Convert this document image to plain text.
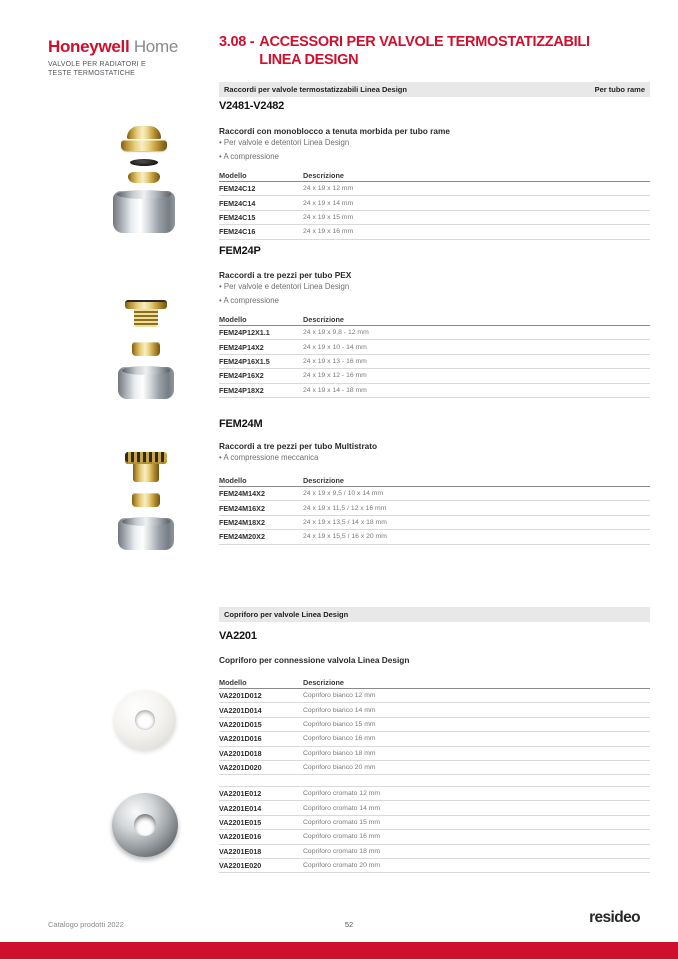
Honeywell Home
VALVOLE PER RADIATORI E
TESTE TERMOSTATICHE
3.08 - ACCESSORI PER VALVOLE TERMOSTATIZZABILI
LINEA DESIGN
Raccordi per valvole termostatizzabili Linea Design	Per tubo rame
V2481-V2482
Raccordi con monoblocco a tenuta morbida per tubo rame
• Per valvole e detentori Linea Design
• A compressione
Modello	Descrizione
FEM24C12	24 x 19 x 12 mm
FEM24C14	24 x 19 x 14 mm
FEM24C15	24 x 19 x 15 mm
FEM24C16	24 x 19 x 16 mm
FEM24P
Raccordi a tre pezzi per tubo PEX
• Per valvole e detentori Linea Design
• A compressione
Modello	Descrizione
FEM24P12X1.1	24 x 19 x 9,8 - 12 mm
FEM24P14X2	24 x 19 x 10 - 14 mm
FEM24P16X1.5	24 x 19 x 13 - 16 mm
FEM24P16X2	24 x 19 x 12 - 16 mm
FEM24P18X2	24 x 19 x 14 - 18 mm
FEM24M
Raccordi a tre pezzi per tubo Multistrato
• A compressione meccanica
Modello	Descrizione
FEM24M14X2	24 x 19 x 9,5 / 10 x 14 mm
FEM24M16X2	24 x 19 x 11,5 / 12 x 16 mm
FEM24M18X2	24 x 19 x 13,5 / 14 x 18 mm
FEM24M20X2	24 x 19 x 15,5 / 16 x 20 mm
Copriforo per valvole Linea Design
VA2201
Copriforo per connessione valvola Linea Design
Modello	Descrizione
VA2201D012	Copriforo bianco 12 mm
VA2201D014	Copriforo bianco 14 mm
VA2201D015	Copriforo bianco 15 mm
VA2201D016	Copriforo bianco 16 mm
VA2201D018	Copriforo bianco 18 mm
VA2201D020	Copriforo bianco 20 mm
VA2201E012	Copriforo cromato 12 mm
VA2201E014	Copriforo cromato 14 mm
VA2201E015	Copriforo cromato 15 mm
VA2201E016	Copriforo cromato 16 mm
VA2201E018	Copriforo cromato 18 mm
VA2201E020	Copriforo cromato 20 mm
52
Catalogo prodotti 2022	resideo
